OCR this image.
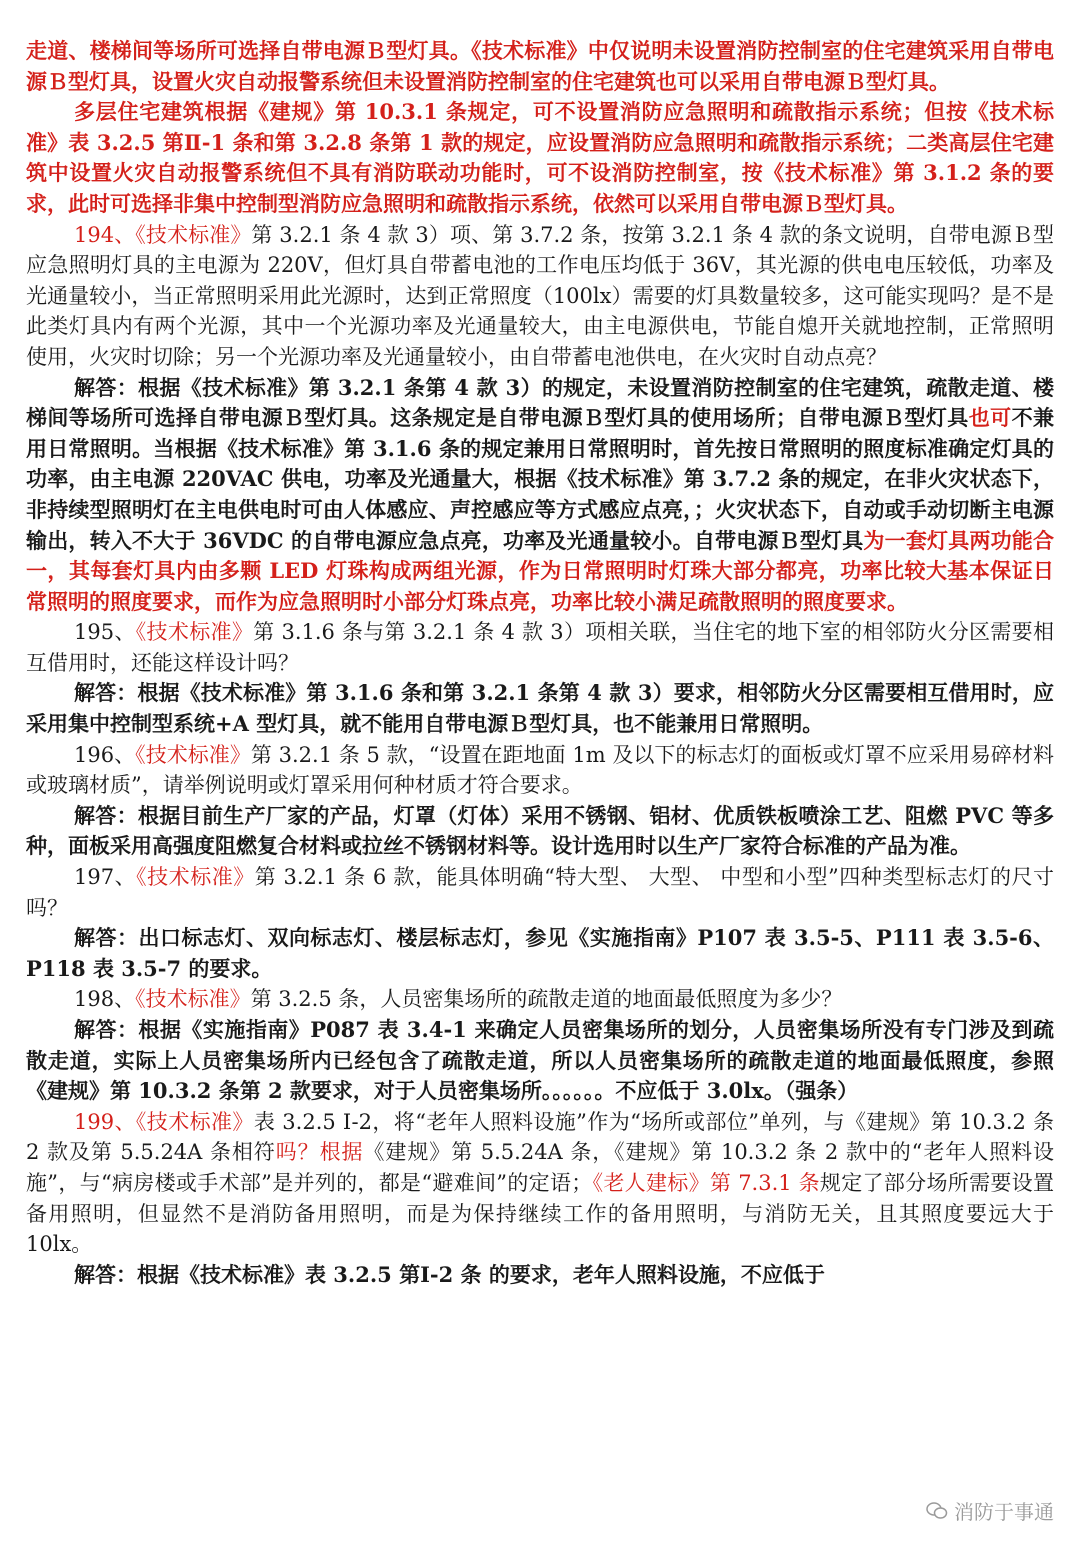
走道、楼梯间等场所可选择自带电源Ｂ型灯具。《技术标准》中仅说明未设置消防控制室的住宅建筑采用自带电源Ｂ型灯具，设置火灾自动报警系统但未设置消防控制室的住宅建筑也可以采用自带电源Ｂ型灯具。

多层住宅建筑根据《建规》第 10.3.1 条规定，可不设置消防应急照明和疏散指示系统；但按《技术标准》表 3.2.5 第Ⅱ-1 条和第 3.2.8 条第 1 款的规定，应设置消防应急照明和疏散指示系统；二类高层住宅建筑中设置火灾自动报警系统但不具有消防联动功能时，可不设消防控制室，按《技术标准》第 3.1.2 条的要求，此时可选择非集中控制型消防应急照明和疏散指示系统，依然可以采用自带电源Ｂ型灯具。

194、《技术标准》第 3.2.1 条 4 款 3）项、第 3.7.2 条，按第 3.2.1 条 4 款的条文说明，自带电源Ｂ型应急照明灯具的主电源为 220V，但灯具自带蓄电池的工作电压均低于 36V，其光源的供电电压较低，功率及光通量较小，当正常照明采用此光源时，达到正常照度（100lx）需要的灯具数量较多，这可能实现吗？是不是此类灯具内有两个光源，其中一个光源功率及光通量较大，由主电源供电，节能自熄开关就地控制，正常照明使用，火灾时切除；另一个光源功率及光通量较小，由自带蓄电池供电，在火灾时自动点亮？

解答：根据《技术标准》第 3.2.1 条第 4 款 3）的规定，未设置消防控制室的住宅建筑，疏散走道、楼梯间等场所可选择自带电源Ｂ型灯具。这条规定是自带电源Ｂ型灯具的使用场所；自带电源Ｂ型灯具也可不兼用日常照明。当根据《技术标准》第 3.1.6 条的规定兼用日常照明时，首先按日常照明的照度标准确定灯具的功率，由主电源 220VAC 供电，功率及光通量大，根据《技术标准》第 3.7.2 条的规定，在非火灾状态下，非持续型照明灯在主电供电时可由人体感应、声控感应等方式感应点亮，；火灾状态下，自动或手动切断主电源输出，转入不大于 36VDC 的自带电源应急点亮，功率及光通量较小。自带电源Ｂ型灯具为一套灯具两功能合一，其每套灯具内由多颗 LED 灯珠构成两组光源，作为日常照明时灯珠大部分都亮，功率比较大基本保证日常照明的照度要求，而作为应急照明时小部分灯珠点亮，功率比较小满足疏散照明的照度要求。

195、《技术标准》第 3.1.6 条与第 3.2.1 条 4 款 3）项相关联，当住宅的地下室的相邻防火分区需要相互借用时，还能这样设计吗？

解答：根据《技术标准》第 3.1.6 条和第 3.2.1 条第 4 款 3）要求，相邻防火分区需要相互借用时，应采用集中控制型系统+A 型灯具，就不能用自带电源Ｂ型灯具，也不能兼用日常照明。

196、《技术标准》第 3.2.1 条 5 款，“设置在距地面 1m 及以下的标志灯的面板或灯罩不应采用易碎材料或玻璃材质”，请举例说明或灯罩采用何种材质才符合要求。

解答：根据目前生产厂家的产品，灯罩（灯体）采用不锈钢、铝材、优质铁板喷涂工艺、阻燃 PVC 等多种，面板采用高强度阻燃复合材料或拉丝不锈钢材料等。设计选用时以生产厂家符合标准的产品为准。

197、《技术标准》第 3.2.1 条 6 款，能具体明确“特大型、 大型、 中型和小型”四种类型标志灯的尺寸吗？

解答：出口标志灯、双向标志灯、楼层标志灯，参见《实施指南》P107 表 3.5-5、P111 表 3.5-6、P118 表 3.5-7 的要求。

198、《技术标准》第 3.2.5 条，人员密集场所的疏散走道的地面最低照度为多少？

解答：根据《实施指南》P087 表 3.4-1 来确定人员密集场所的划分，人员密集场所没有专门涉及到疏散走道，实际上人员密集场所内已经包含了疏散走道，所以人员密集场所的疏散走道的地面最低照度，参照《建规》第 10.3.2 条第 2 款要求，对于人员密集场所。。。。。。不应低于 3.0lx。（强条）

199、《技术标准》表 3.2.5 Ⅰ-2，将“老年人照料设施”作为“场所或部位”单列，与《建规》第 10.3.2 条 2 款及第 5.5.24A 条相符吗？根据《建规》第 5.5.24A 条，《建规》第 10.3.2 条 2 款中的“老年人照料设施”，与“病房楼或手术部”是并列的，都是“避难间”的定语；《老人建标》第 7.3.1 条规定了部分场所需要设置备用照明，但显然不是消防备用照明，而是为保持继续工作的备用照明，与消防无关，且其照度要远大于 10lx。

解答：根据《技术标准》表 3.2.5 第Ⅰ-2 条 的要求，老年人照料设施，不应低于

消防于事通
